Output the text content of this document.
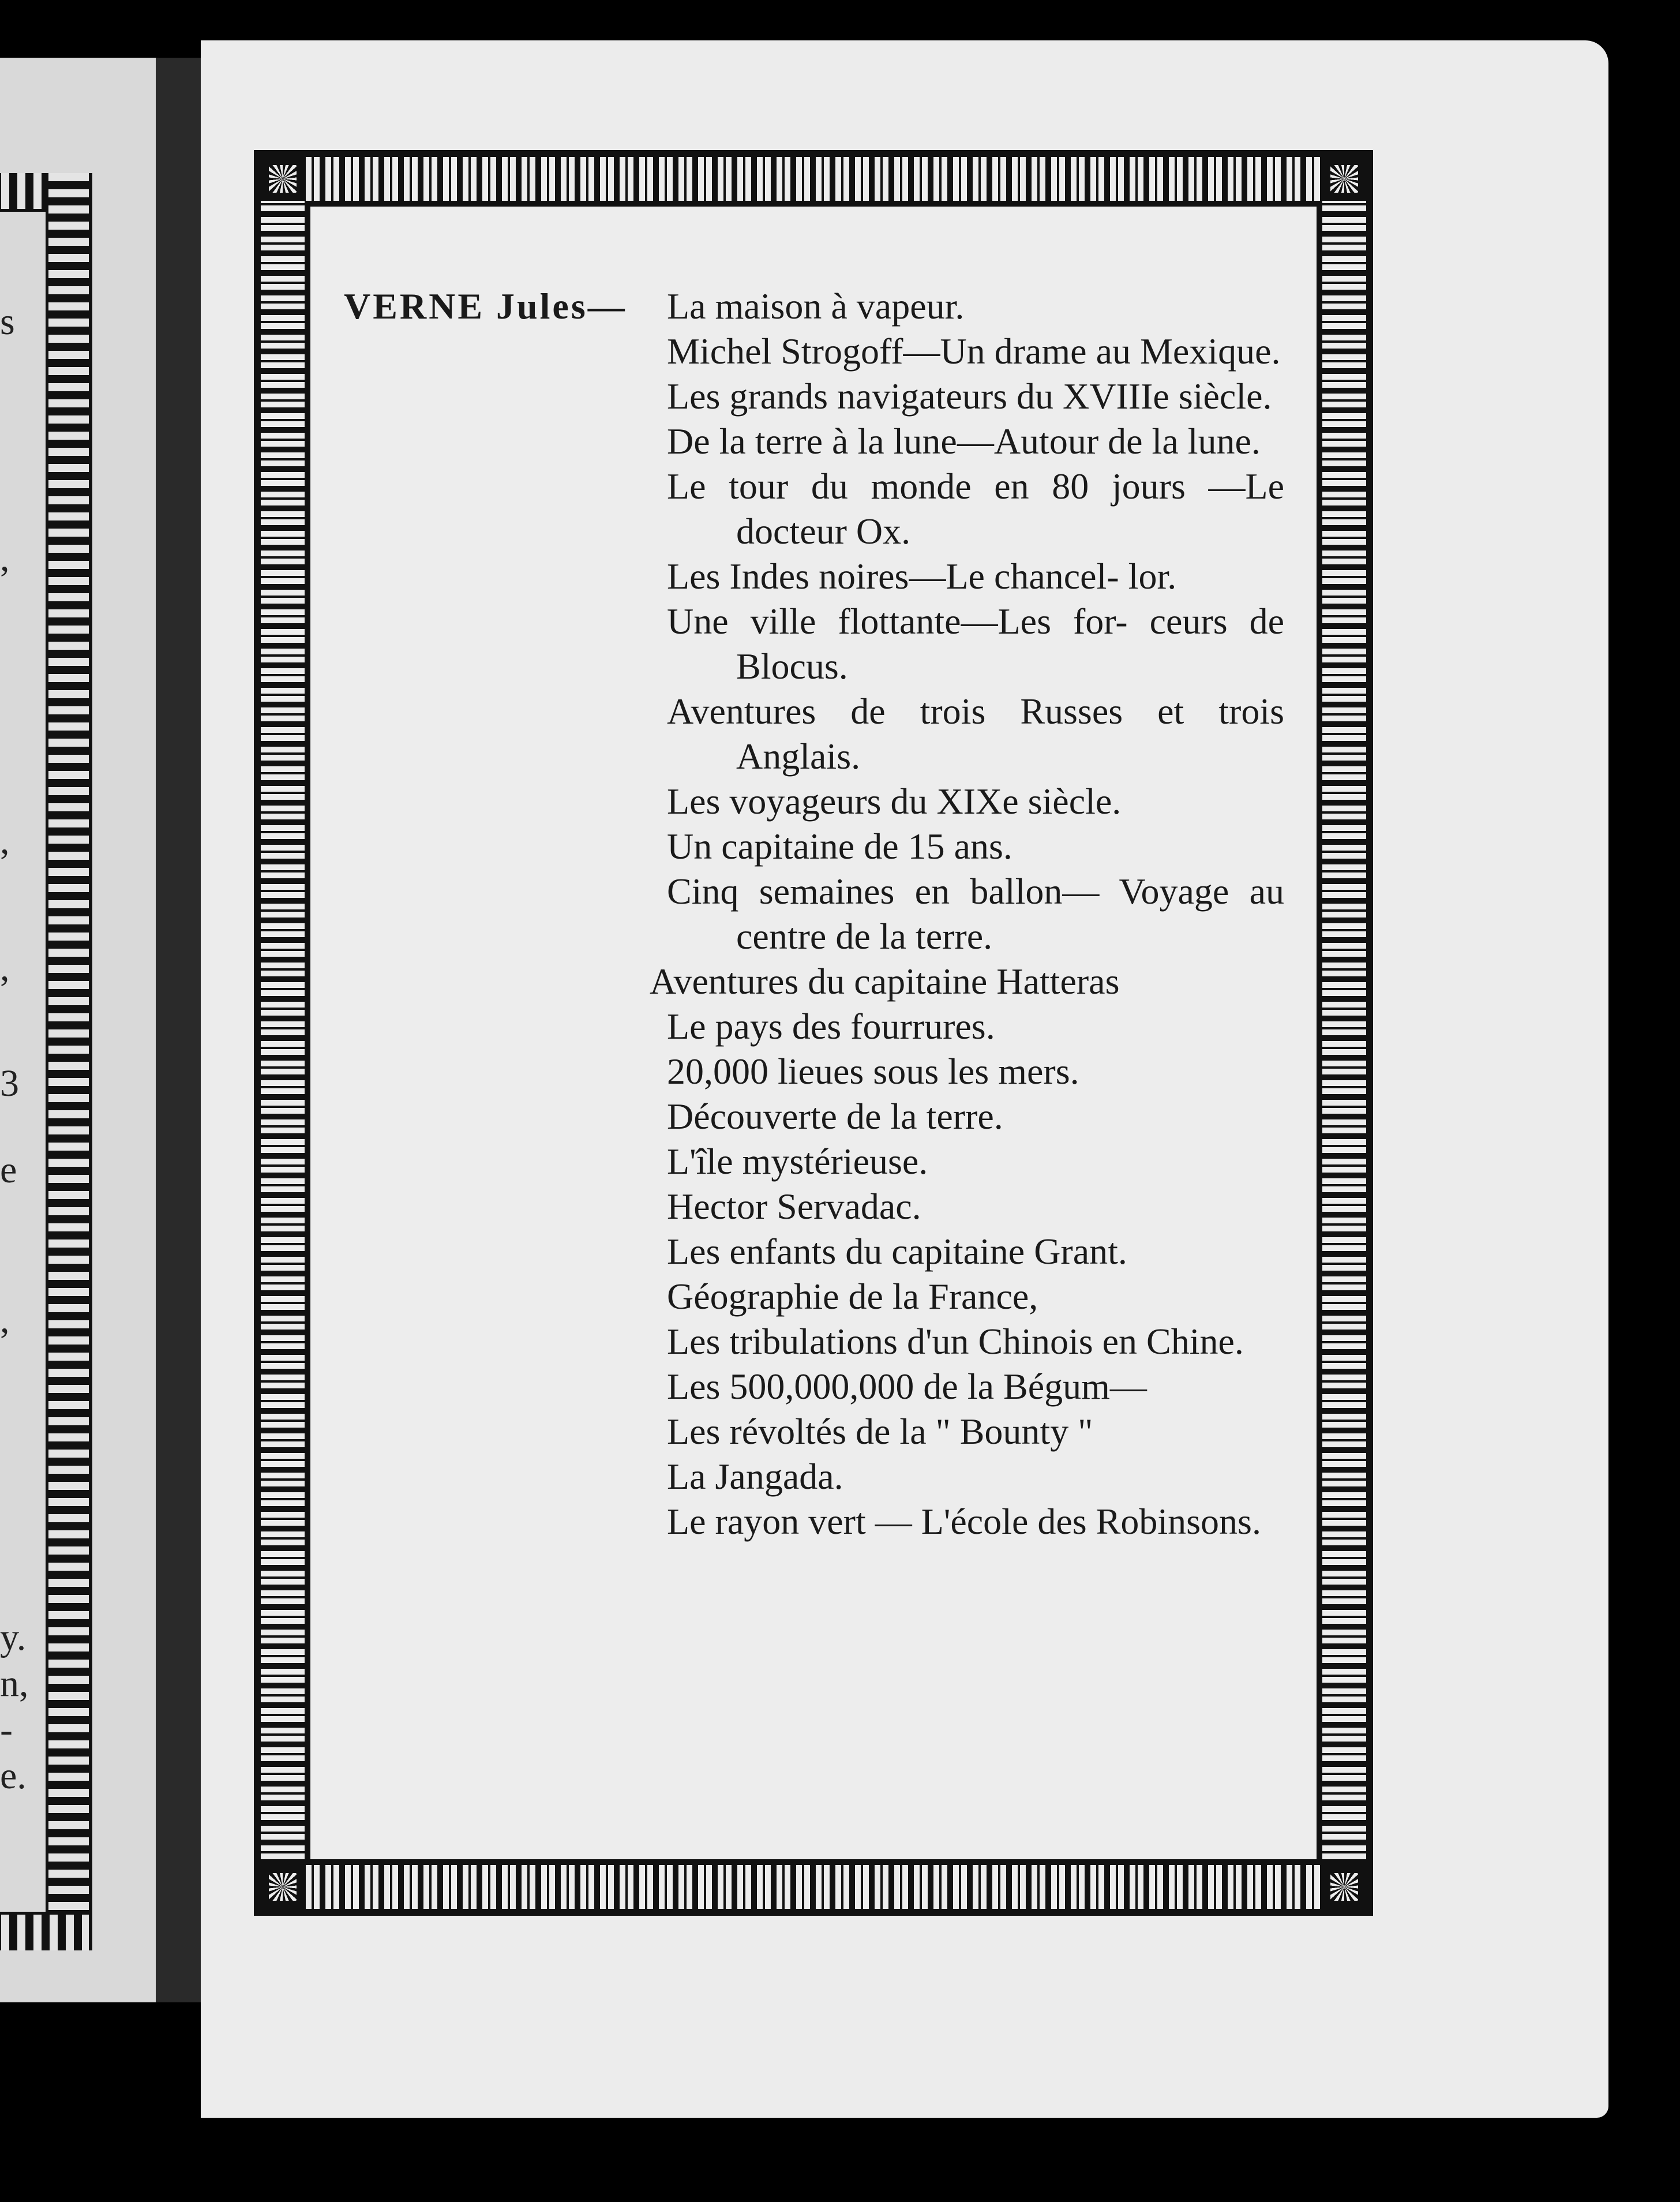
s
,
,
,
3
e
,
y.
n,
-
e.
VERNE Jules— La maison à vapeur.

Michel Strogoff—Un drame au Mexique.

Les grands navigateurs du XVIIIe siècle.

De la terre à la lune—Autour de la lune.

Le tour du monde en 80 jours —Le docteur Ox.

Les Indes noires—Le chancel- lor.

Une ville flottante—Les for- ceurs de Blocus.

Aventures de trois Russes et trois Anglais.

Les voyageurs du XIXe siècle.

Un capitaine de 15 ans.

Cinq semaines en ballon— Voyage au centre de la terre.

Aventures du capitaine Hatteras

Le pays des fourrures.

20,000 lieues sous les mers.

Découverte de la terre.

L'île mystérieuse.

Hector Servadac.

Les enfants du capitaine Grant.

Géographie de la France,

Les tribulations d'un Chinois en Chine.

Les 500,000,000 de la Bégum—

Les révoltés de la " Bounty "

La Jangada.

Le rayon vert — L'école des Robinsons.
